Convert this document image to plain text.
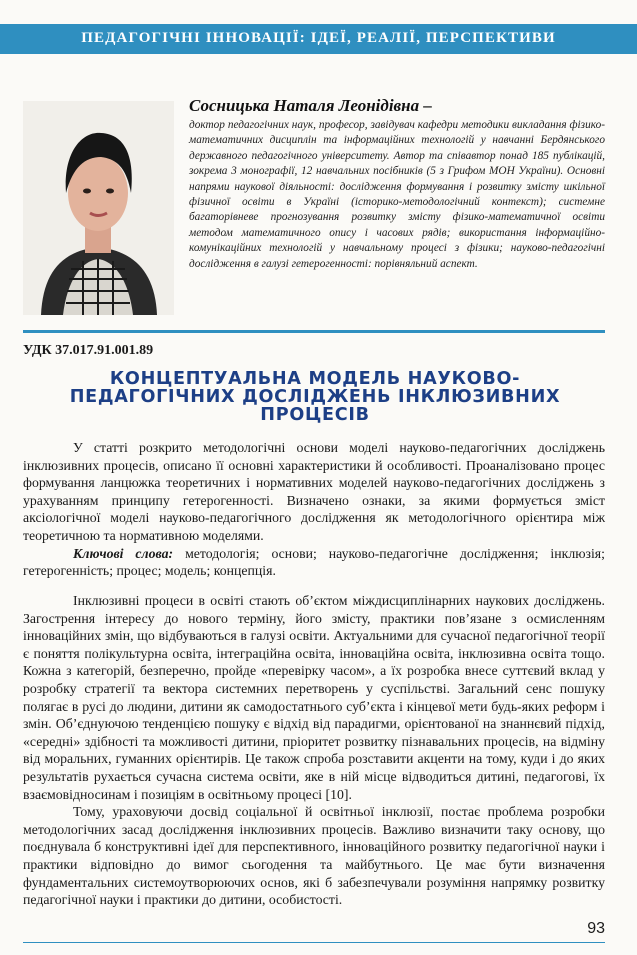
ПЕДАГОГІЧНІ ІННОВАЦІЇ: ІДЕЇ, РЕАЛІЇ, ПЕРСПЕКТИВИ
Сосницька Наталя Леонідівна –
доктор педагогічних наук, професор, завідувач кафедри методики викладання фізико-математичних дисциплін та інформаційних технологій у навчанні Бердянського державного педагогічного університету. Автор та співавтор понад 185 публікацій, зокрема 3 монографії, 12 навчальних посібників (5 з Грифом МОН України). Основні напрями наукової діяльності: дослідження формування і розвитку змісту шкільної фізичної освіти в Україні (історико-методологічний контекст); системне багаторівневе прогнозування розвитку змісту фізико-математичної освіти методом математичного опису і часових рядів; використання інформаційно-комунікаційних технологій у навчальному процесі з фізики; науково-педагогічні дослідження в галузі гетерогенності: порівняльний аспект.
УДК 37.017.91.001.89
КОНЦЕПТУАЛЬНА МОДЕЛЬ НАУКОВО-ПЕДАГОГІЧНИХ ДОСЛІДЖЕНЬ ІНКЛЮЗИВНИХ ПРОЦЕСІВ

У статті розкрито методологічні основи моделі науково-педагогічних досліджень інклюзивних процесів, описано її основні характеристики й особливості. Проаналізовано процес формування ланцюжка теоретичних і нормативних моделей науково-педагогічних досліджень з урахуванням принципу гетерогенності. Визначено ознаки, за якими формується зміст аксіологічної моделі науково-педагогічного дослідження як методологічного орієнтира між теоретичною та нормативною моделями.

Ключові слова: методологія; основи; науково-педагогічне дослідження; інклюзія; гетерогенність; процес; модель; концепція.

Інклюзивні процеси в освіті стають об’єктом міждисциплінарних наукових досліджень. Загострення інтересу до нового терміну, його змісту, практики пов’язане з осмисленням інноваційних змін, що відбуваються в галузі освіти. Актуальними для сучасної педагогічної теорії є поняття полікультурна освіта, інтеграційна освіта, інноваційна освіта, інклюзивна освіта тощо. Кожна з категорій, безперечно, пройде «перевірку часом», а їх розробка внесе суттєвий вклад у розробку стратегії та вектора системних перетворень у суспільстві. Загальний сенс пошуку полягає в русі до людини, дитини як самодостатнього суб’єкта і кінцевої мети будь-яких реформ і змін. Об’єднуючою тенденцією пошуку є відхід від парадигми, орієнтованої на знаннєвий підхід, «середні» здібності та можливості дитини, пріоритет розвитку пізнавальних процесів, на відміну від моральних, гуманних орієнтирів. Це також спроба розставити акценти на тому, куди і до яких результатів рухається сучасна система освіти, яке в ній місце відводиться дитині, педагогові, їх взаємовідносинам і позиціям в освітньому процесі [10].

Тому, ураховуючи досвід соціальної й освітньої інклюзії, постає проблема розробки методологічних засад дослідження інклюзивних процесів. Важливо визначити таку основу, що поєднувала б конструктивні ідеї для перспективного, інноваційного розвитку педагогічної науки і практики відповідно до вимог сьогодення та майбутнього. Це має бути визначення фундаментальних системоутворюючих основ, які б забезпечували розуміння напрямку розвитку педагогічної науки і практики до дитини, особистості.

93
